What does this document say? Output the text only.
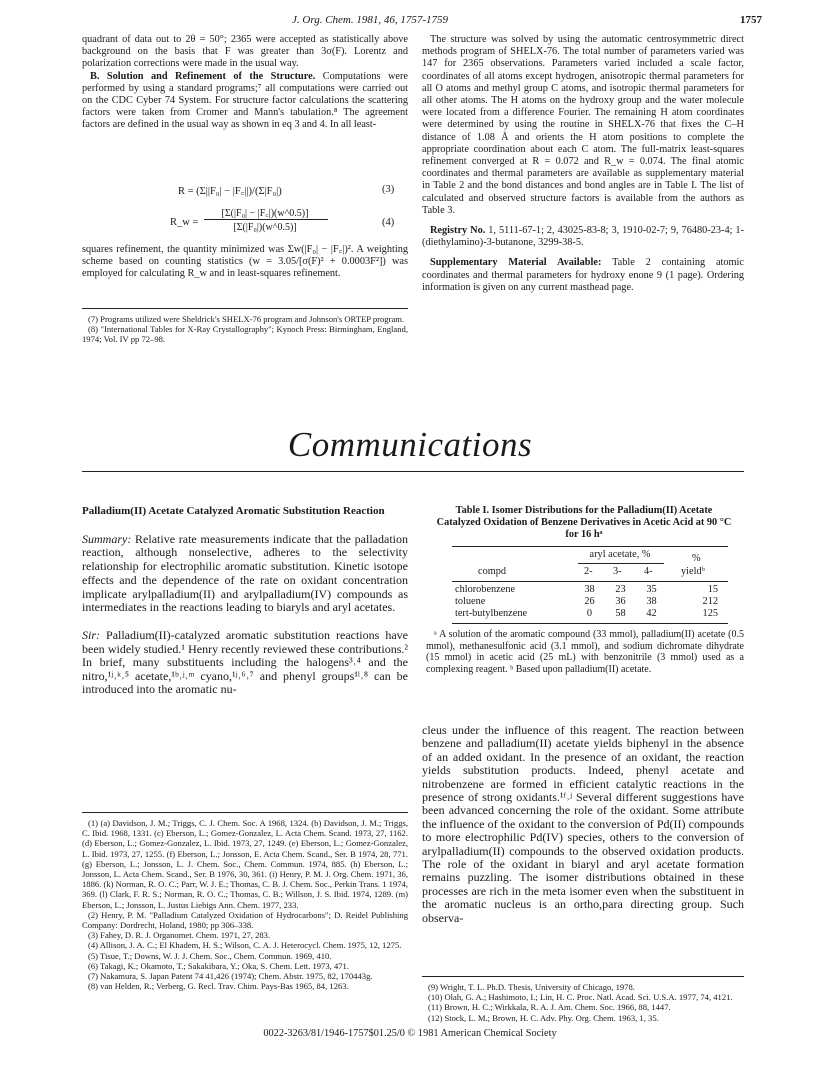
J. Org. Chem. 1981, 46, 1757-1759	1757

quadrant of data out to 2θ = 50°; 2365 were accepted as statistically above background on the basis that F was greater than 3σ(F). Lorentz and polarization corrections were made in the usual way.

B. Solution and Refinement of the Structure. Computations were performed by using a standard programs;⁷ all computations were carried out on the CDC Cyber 74 System. For structure factor calculations the scattering factors were taken from Cromer and Mann's tabulation.⁸ The agreement factors are defined in the usual way as shown in eq 3 and 4. In all least-

R = (Σ||F₀| − |F꜀||)/(Σ|F₀|)	(3)
R_w =
[Σ(|F₀| − |F꜀|)(w^0.5)]
[Σ(|F₀|)(w^0.5)]	(4)
squares refinement, the quantity minimized was Σw(|F₀| − |F꜀|)². A weighting scheme based on counting statistics (w = 3.05/[σ(F)² + 0.0003F²]) was employed for calculating R_w and in least-squares refinement.

(7) Programs utilized were Sheldrick's SHELX-76 program and Johnson's ORTEP program.

(8) "International Tables for X-Ray Crystallography"; Kynoch Press: Birmingham, England, 1974; Vol. IV pp 72–98.

The structure was solved by using the automatic centrosymmetric direct methods program of SHELX-76. The total number of parameters varied was 147 for 2365 observations. Parameters varied included a scale factor, coordinates of all atoms except hydrogen, anisotropic thermal parameters for all O atoms and methyl group C atoms, and isotropic thermal parameters for all other atoms. The H atoms on the hydroxy group and the water molecule were located from a difference Fourier. The remaining H atom coordinates were determined by using the routine in SHELX-76 that fixes the C–H distance of 1.08 Å and orients the H atom positions to complete the appropriate coordination about each C atom. The full-matrix least-squares refinement converged at R = 0.072 and R_w = 0.074. The final atomic coordinates and thermal parameters are available as supplementary material in Table 2 and the bond distances and bond angles are in Table I. The list of calculated and observed structure factors is available from the authors as Table 3.

Registry No. 1, 5111-67-1; 2, 43025-83-8; 3, 1910-02-7; 9, 76480-23-4; 1-(diethylamino)-3-butanone, 3299-38-5.

Supplementary Material Available: Table 2 containing atomic coordinates and thermal parameters for hydroxy enone 9 (1 page). Ordering information is given on any current masthead page.

Communications

Palladium(II) Acetate Catalyzed Aromatic Substitution Reaction

Summary: Relative rate measurements indicate that the palladation reaction, although nonselective, adheres to the selectivity relationship for electrophilic aromatic substitution. Kinetic isotope effects and the dependence of the rate on oxidant concentration implicate arylpalladium(II) and arylpalladium(IV) compounds as intermediates in the reactions leading to biaryls and aryl acetates.

Sir: Palladium(II)-catalyzed aromatic substitution reactions have been widely studied.¹ Henry recently reviewed these contributions.² In brief, many substituents including the halogens³˒⁴ and the nitro,¹ʲ˒ᵏ˒⁵ acetate,¹ᵇ˒ʲ˒ᵐ cyano,¹ʲ˒⁶˒⁷ and phenyl groups¹ˡ˒⁸ can be introduced into the aromatic nu-

(1) (a) Davidson, J. M.; Triggs, C. J. Chem. Soc. A 1968, 1324. (b) Davidson, J. M.; Triggs, C. Ibid. 1968, 1331. (c) Eberson, L.; Gomez-Gonzalez, L. Acta Chem. Scand. 1973, 27, 1162. (d) Eberson, L.; Gomez-Gonzalez, L. Ibid. 1973, 27, 1249. (e) Eberson, L.; Gomez-Gonzalez, L. Ibid. 1973, 27, 1255. (f) Eberson, L.; Jonsson, E. Acta Chem. Scand., Ser. B 1974, 28, 771. (g) Eberson, L.; Jonsson, L. J. Chem. Soc., Chem. Commun. 1974, 885. (h) Eberson, L.; Jonsson, L. Acta Chem. Scand., Ser. B 1976, 30, 361. (i) Henry, P. M. J. Org. Chem. 1971, 36, 1886. (k) Norman, R. O. C.; Parr, W. J. E.; Thomas, C. B. J. Chem. Soc., Perkin Trans. 1 1974, 369. (l) Clark, F. R. S.; Norman, R. O. C.; Thomas, C. B.; Willson, J. S. Ibid. 1974, 1289. (m) Eberson, L.; Jonsson, L. Justus Liebigs Ann. Chem. 1977, 233.

(2) Henry, P. M. "Palladium Catalyzed Oxidation of Hydrocarbons"; D. Reidel Publishing Company: Dordrecht, Holand, 1980; pp 306–338.

(3) Fahey, D. R. J. Organomet. Chem. 1971, 27, 283.

(4) Allison, J. A. C.; El Khadem, H. S.; Wilson, C. A. J. Heterocycl. Chem. 1975, 12, 1275.

(5) Tisue, T.; Downs, W. J. J. Chem. Soc., Chem. Commun. 1969, 410.

(6) Takagi, K.; Okamoto, T.; Sakakibara, Y.; Oka, S. Chem. Lett. 1973, 471.

(7) Nakamura, S. Japan Patent 74 41,426 (1974); Chem. Abstr. 1975, 82, 170443g.

(8) van Helden, R.; Verberg, G. Recl. Trav. Chim. Pays-Bas 1965, 84, 1263.

Table I. Isomer Distributions for the Palladium(II) Acetate Catalyzed Oxidation of Benzene Derivatives in Acetic Acid at 90 °C for 16 hᵃ
aryl acetate, %	%
compd	2- 3- 4-	yieldᵇ
chlorobenzene	38	23	35	15
toluene	26	36	38	212
tert-butylbenzene	0	58	42	125
ᵃ A solution of the aromatic compound (33 mmol), palladium(II) acetate (0.5 mmol), methanesulfonic acid (3.1 mmol), and sodium dichromate dihydrate (15 mmol) in acetic acid (25 mL) with benzonitrile (3 mmol) used as a complexing reagent. ᵇ Based upon palladium(II) acetate.
cleus under the influence of this reagent. The reaction between benzene and palladium(II) acetate yields biphenyl in the absence of an added oxidant. In the presence of an oxidant, the reaction yields substitution products. Indeed, phenyl acetate and nitrobenzene are formed in efficient catalytic reactions in the presence of strong oxidants.¹ᶠ˒ʲ Several different suggestions have been advanced concerning the role of the oxidant. Some attribute the influence of the oxidant to the conversion of Pd(II) compounds to more electrophilic Pd(IV) species, others to the conversion of arylpalladium(II) compounds to the observed oxidation products. The role of the oxidant in biaryl and aryl acetate formation remains puzzling. The isomer distributions obtained in these processes are rich in the meta isomer even when the substituent in the aromatic nucleus is an ortho,para directing group. Such observa-

(9) Wright, T. L. Ph.D. Thesis, University of Chicago, 1978.

(10) Olah, G. A.; Hashimoto, I.; Lin, H. C. Proc. Natl. Acad. Sci. U.S.A. 1977, 74, 4121.

(11) Brown, H. C.; Wirkkala, R. A. J. Am. Chem. Soc. 1966, 88, 1447.

(12) Stock, L. M.; Brown, H. C. Adv. Phy. Org. Chem. 1963, 1, 35.

0022-3263/81/1946-1757$01.25/0 © 1981 American Chemical Society
